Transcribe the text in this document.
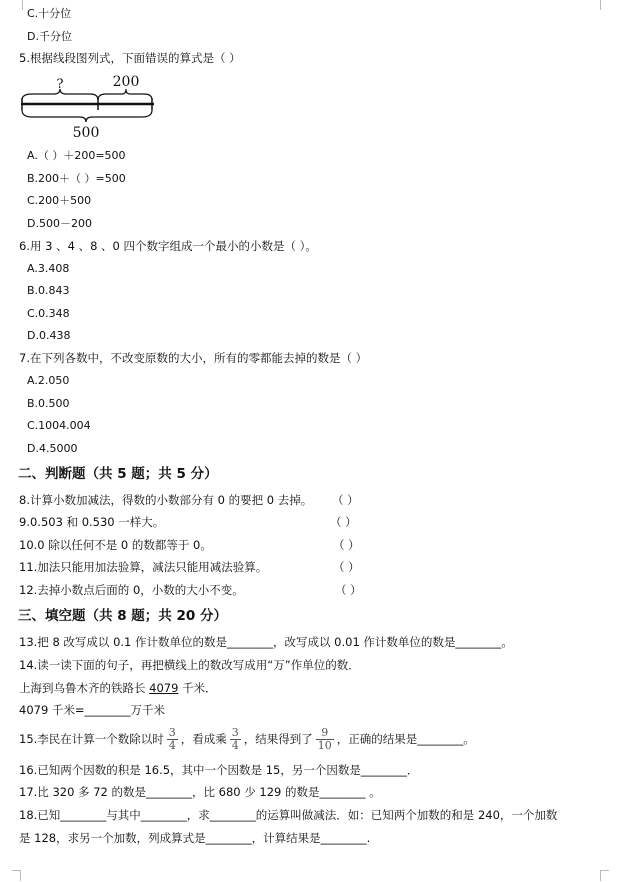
C.十分位
D.千分位
5.根据线段图列式，下面错误的算式是（ ）
?	200
500
A.（ ）＋200=500
B.200＋（ ）=500
C.200＋500
D.500－200
6.用 3 、4 、8 、0 四个数字组成一个最小的小数是（ ）。
A.3.408
B.0.843
C.0.348
D.0.438
7.在下列各数中，不改变原数的大小，所有的零都能去掉的数是（ ）
A.2.050
B.0.500
C.1004.004
D.4.5000
二、判断题（共 5 题；共 5 分）
8.计算小数加减法，得数的小数部分有 0 的要把 0 去掉。 （ ）
9.0.503 和 0.530 一样大。	（ ）
10.0 除以任何不是 0 的数都等于 0。	（ ）
11.加法只能用加法验算，减法只能用减法验算。	（ ）
12.去掉小数点后面的 0，小数的大小不变。	（ ）
三、填空题（共 8 题；共 20 分）
13.把 8 改写成以 0.1 作计数单位的数是________，改写成以 0.01 作计数单位的数是________。
14.读一读下面的句子，再把横线上的数改写成用“万”作单位的数．
上海到乌鲁木齐的铁路长 4079 千米．
4079 千米=________万千米
15.李民在计算一个数除以时 $\frac{3}{4}$ ，看成乘 $\frac{3}{4}$ ，结果得到了 $\frac{9}{10}$ ，正确的结果是________。
16.已知两个因数的积是 16.5，其中一个因数是 15，另一个因数是________．
17.比 320 多 72 的数是________，比 680 少 129 的数是________ 。
18.已知________与其中________，求________的运算叫做减法．如：已知两个加数的和是 240，一个加数
是 128，求另一个加数，列成算式是________，计算结果是________.
